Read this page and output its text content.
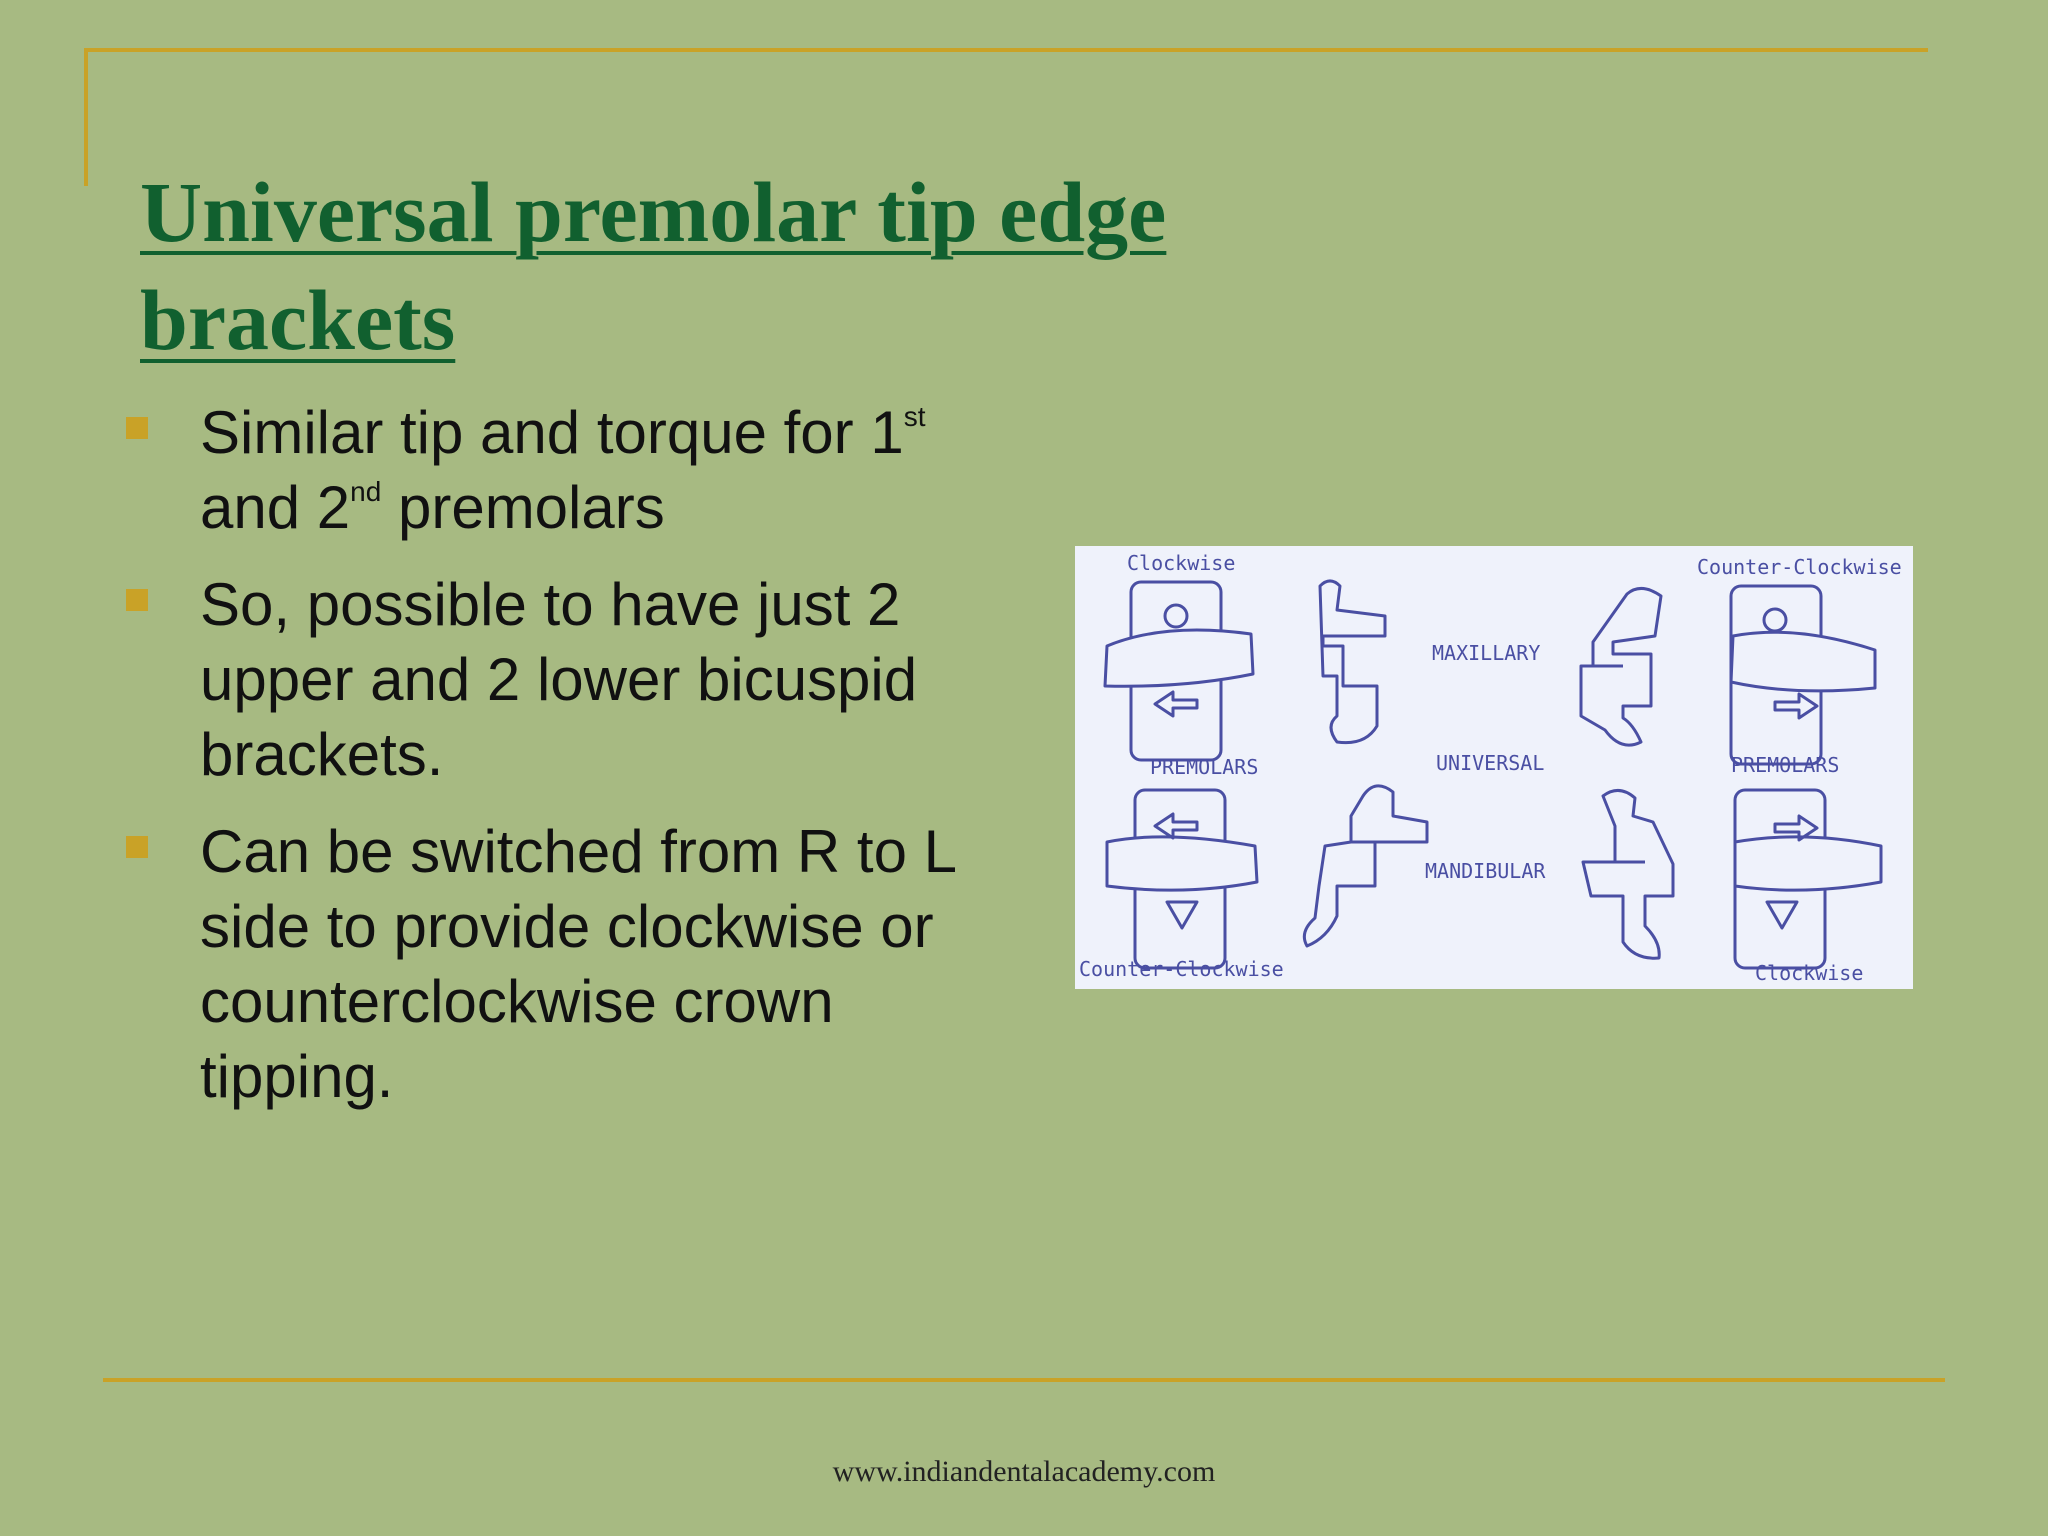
Universal premolar tip edge brackets
Similar tip and torque for 1st and 2nd premolars
So, possible to have just 2 upper and 2 lower bicuspid brackets.
Can be switched from R to L side to provide clockwise or counterclockwise crown tipping.
Clockwise	Counter-Clockwise
MAXILLARY
UNIVERSAL
MANDIBULAR
PREMOLARS	PREMOLARS
Counter-Clockwise	Clockwise
www.indiandentalacademy.com
